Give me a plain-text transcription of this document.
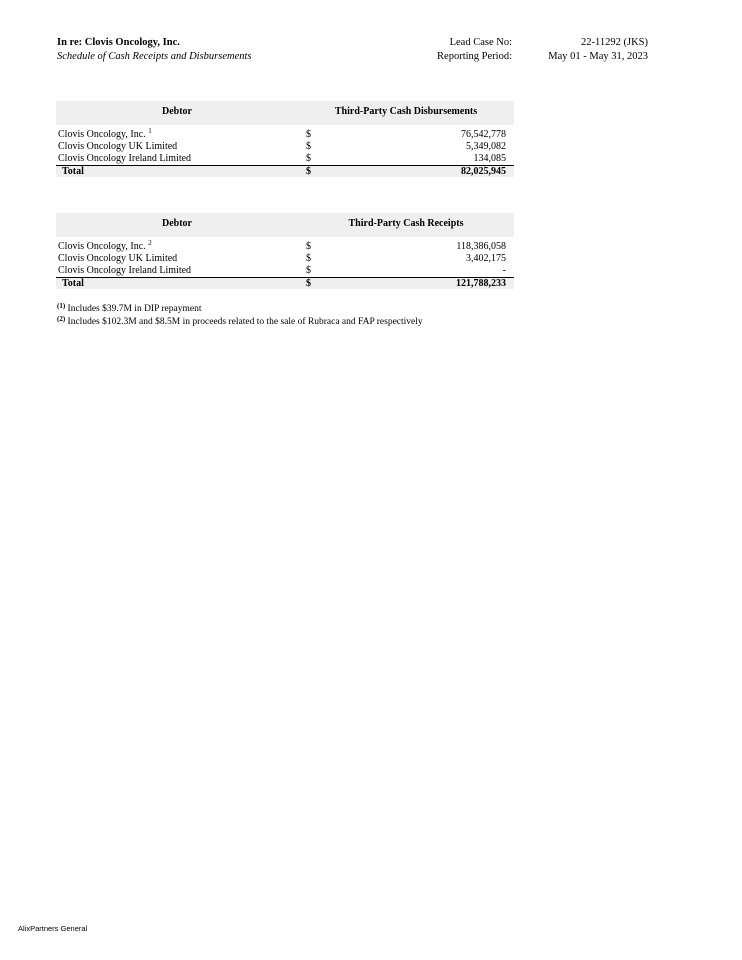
In re: Clovis Oncology, Inc.
Schedule of Cash Receipts and Disbursements
Lead Case No:	22-11292 (JKS)
Reporting Period:	May 01 - May 31, 2023
Debtor	Third-Party Cash Disbursements
Clovis Oncology, Inc. $^1$	$	76,542,778
Clovis Oncology UK Limited	$	5,349,082
Clovis Oncology Ireland Limited	$	134,085
Total	$	82,025,945
Debtor	Third-Party Cash Receipts
Clovis Oncology, Inc. $^2$	$	118,386,058
Clovis Oncology UK Limited	$	3,402,175
Clovis Oncology Ireland Limited	$	-
Total	$	121,788,233
$^{(1)}$ Includes $39.7M in DIP repayment
$^{(2)}$ Includes $102.3M and $8.5M in proceeds related to the sale of Rubraca and FAP respectively
AlixPartners General
